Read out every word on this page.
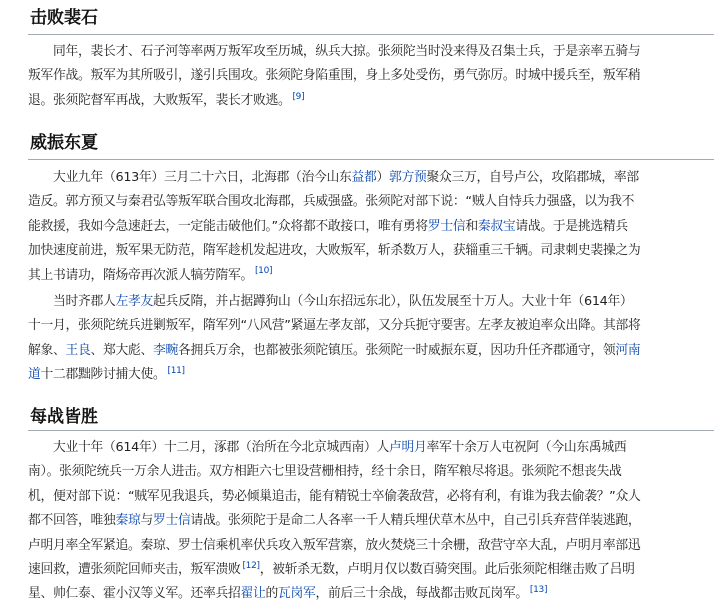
击败裴石

　　同年，裴长才、石子河等率两万叛军攻至历城，纵兵大掠。张须陀当时没来得及召集士兵，于是亲率五骑与
叛军作战。叛军为其所吸引，遂引兵围攻。张须陀身陷重围，身上多处受伤，勇气弥厉。时城中援兵至，叛军稍
退。张须陀督军再战，大败叛军，裴长才败逃。 [9]

威振东夏

　　大业九年（613年）三月二十六日，北海郡（治今山东益都）郭方预聚众三万，自号卢公，攻陷郡城，率部
造反。郭方预又与秦君弘等叛军联合围攻北海郡，兵威强盛。张须陀对部下说：“贼人自恃兵力强盛，以为我不
能救援，我如今急速赶去，一定能击破他们。”众将都不敢接口，唯有勇将罗士信和秦叔宝请战。于是挑选精兵
加快速度前进，叛军果无防范，隋军趁机发起进攻，大败叛军，斩杀数万人，获辎重三千辆。司隶刺史裴操之为
其上书请功，隋炀帝再次派人犒劳隋军。 [10]

　　当时齐郡人左孝友起兵反隋，并占据蹲狗山（今山东招远东北），队伍发展至十万人。大业十年（614年）
十一月，张须陀统兵进剿叛军，隋军列“八风营”紧逼左孝友部，又分兵扼守要害。左孝友被迫率众出降。其部将
解象、王良、郑大彪、李畹各拥兵万余，也都被张须陀镇压。张须陀一时威振东夏，因功升任齐郡通守，领河南
道十二郡黜陟讨捕大使。 [11]

每战皆胜

　　大业十年（614年）十二月，涿郡（治所在今北京城西南）人卢明月率军十余万人屯祝阿（今山东禹城西
南）。张须陀统兵一万余人进击。双方相距六七里设营栅相持，经十余日，隋军粮尽将退。张须陀不想丧失战
机，便对部下说：“贼军见我退兵，势必倾巢追击，能有精锐士卒偷袭敌营，必将有利，有谁为我去偷袭？”众人
都不回答，唯独秦琼与罗士信请战。张须陀于是命二人各率一千人精兵埋伏草木丛中，自己引兵弃营佯装逃跑，
卢明月率全军紧追。秦琼、罗士信乘机率伏兵攻入叛军营寨，放火焚烧三十余栅，敌营守卒大乱，卢明月率部迅
速回救，遭张须陀回师夹击，叛军溃败 [12]，被斩杀无数，卢明月仅以数百骑突围。此后张须陀相继击败了吕明
星、帅仁泰、霍小汉等义军。还率兵招翟让的瓦岗军，前后三十余战，每战都击败瓦岗军。 [13]
